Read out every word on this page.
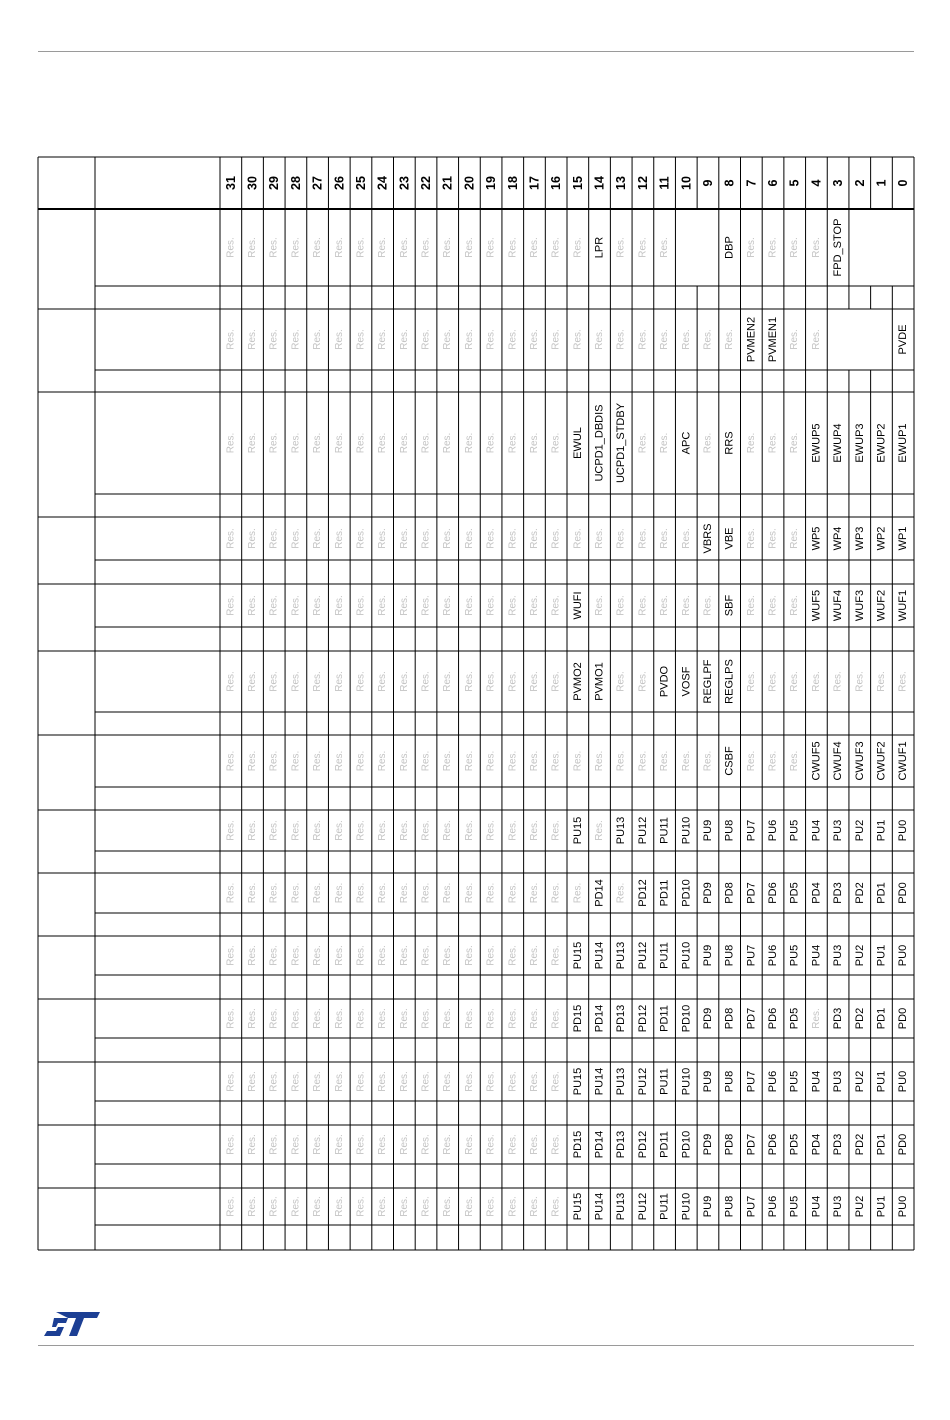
31 30 29 28 27 26 25 24 23 22 21 20 19 18 17 16 15 14 13 12 11 10 9 8 7 6 5 4 3 2 1 0
Res. Res. Res. Res. Res. Res. Res. Res. Res. Res. Res. Res. Res. Res. Res. Res. Res. LPR Res. Res. Res.	DBP Res. Res. Res. Res. FPD_STOP
Res. Res. Res. Res. Res. Res. Res. Res. Res. Res. Res. Res. Res. Res. Res. Res. Res. Res. Res. Res. Res. Res. Res. Res. PVMEN2 PVMEN1 Res. Res.	PVDE
Res. Res. Res. Res. Res. Res. Res. Res. Res. Res. Res. Res. Res. Res. Res. Res. EWUL UCPD1_DBDIS UCPD1_STDBY Res. Res. APC Res. RRS Res. Res. Res. EWUP5 EWUP4 EWUP3 EWUP2 EWUP1
Res. Res. Res. Res. Res. Res. Res. Res. Res. Res. Res. Res. Res. Res. Res. Res. Res. Res. Res. Res. Res. Res. VBRS VBE Res. Res. Res. WP5 WP4 WP3 WP2 WP1
Res. Res. Res. Res. Res. Res. Res. Res. Res. Res. Res. Res. Res. Res. Res. Res. WUFI Res. Res. Res. Res. Res. Res. SBF Res. Res. Res. WUF5 WUF4 WUF3 WUF2 WUF1
Res. Res. Res. Res. Res. Res. Res. Res. Res. Res. Res. Res. Res. Res. Res. Res. PVMO2 PVMO1 Res. Res. PVDO VOSF REGLPF REGLPS Res. Res. Res. Res. Res. Res. Res. Res.
Res. Res. Res. Res. Res. Res. Res. Res. Res. Res. Res. Res. Res. Res. Res. Res. Res. Res. Res. Res. Res. Res. Res. CSBF Res. Res. Res. CWUF5 CWUF4 CWUF3 CWUF2 CWUF1
Res. Res. Res. Res. Res. Res. Res. Res. Res. Res. Res. Res. Res. Res. Res. Res. PU15 Res. PU13 PU12 PU11 PU10 PU9 PU8 PU7 PU6 PU5 PU4 PU3 PU2 PU1 PU0
Res. Res. Res. Res. Res. Res. Res. Res. Res. Res. Res. Res. Res. Res. Res. Res. Res. PD14 Res. PD12 PD11 PD10 PD9 PD8 PD7 PD6 PD5 PD4 PD3 PD2 PD1 PD0
Res. Res. Res. Res. Res. Res. Res. Res. Res. Res. Res. Res. Res. Res. Res. Res. PU15 PU14 PU13 PU12 PU11 PU10 PU9 PU8 PU7 PU6 PU5 PU4 PU3 PU2 PU1 PU0
Res. Res. Res. Res. Res. Res. Res. Res. Res. Res. Res. Res. Res. Res. Res. Res. PD15 PD14 PD13 PD12 PD11 PD10 PD9 PD8 PD7 PD6 PD5 Res. PD3 PD2 PD1 PD0
Res. Res. Res. Res. Res. Res. Res. Res. Res. Res. Res. Res. Res. Res. Res. Res. PU15 PU14 PU13 PU12 PU11 PU10 PU9 PU8 PU7 PU6 PU5 PU4 PU3 PU2 PU1 PU0
Res. Res. Res. Res. Res. Res. Res. Res. Res. Res. Res. Res. Res. Res. Res. Res. PD15 PD14 PD13 PD12 PD11 PD10 PD9 PD8 PD7 PD6 PD5 PD4 PD3 PD2 PD1 PD0
Res. Res. Res. Res. Res. Res. Res. Res. Res. Res. Res. Res. Res. Res. Res. Res. PU15 PU14 PU13 PU12 PU11 PU10 PU9 PU8 PU7 PU6 PU5 PU4 PU3 PU2 PU1 PU0
